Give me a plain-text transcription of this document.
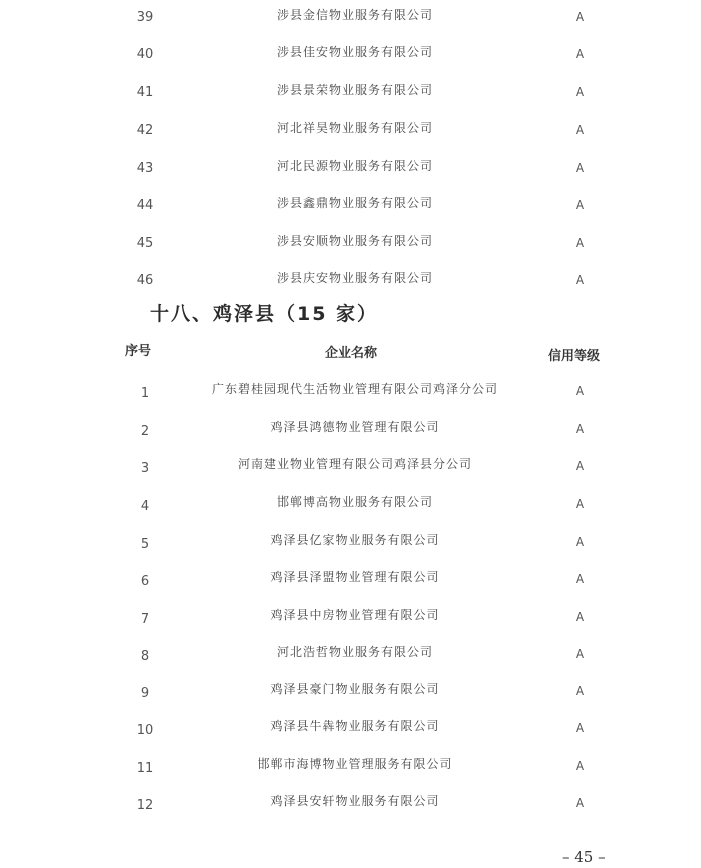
39	涉县金信物业服务有限公司	A
40	涉县佳安物业服务有限公司	A
41	涉县景荣物业服务有限公司	A
42	河北祥昊物业服务有限公司	A
43	河北民源物业服务有限公司	A
44	涉县鑫鼎物业服务有限公司	A
45	涉县安顺物业服务有限公司	A
46	涉县庆安物业服务有限公司	A
十八、鸡泽县（15 家）
序号	企业名称	信用等级
1	广东碧桂园现代生活物业管理有限公司鸡泽分公司	A
2	鸡泽县鸿德物业管理有限公司	A
3	河南建业物业管理有限公司鸡泽县分公司	A
4	邯郸博高物业服务有限公司	A
5	鸡泽县亿家物业服务有限公司	A
6	鸡泽县泽盟物业管理有限公司	A
7	鸡泽县中房物业管理有限公司	A
8	河北浩哲物业服务有限公司	A
9	鸡泽县豪门物业服务有限公司	A
10	鸡泽县牛犇物业服务有限公司	A
11	邯郸市海博物业管理服务有限公司	A
12	鸡泽县安轩物业服务有限公司	A
– 45 –
